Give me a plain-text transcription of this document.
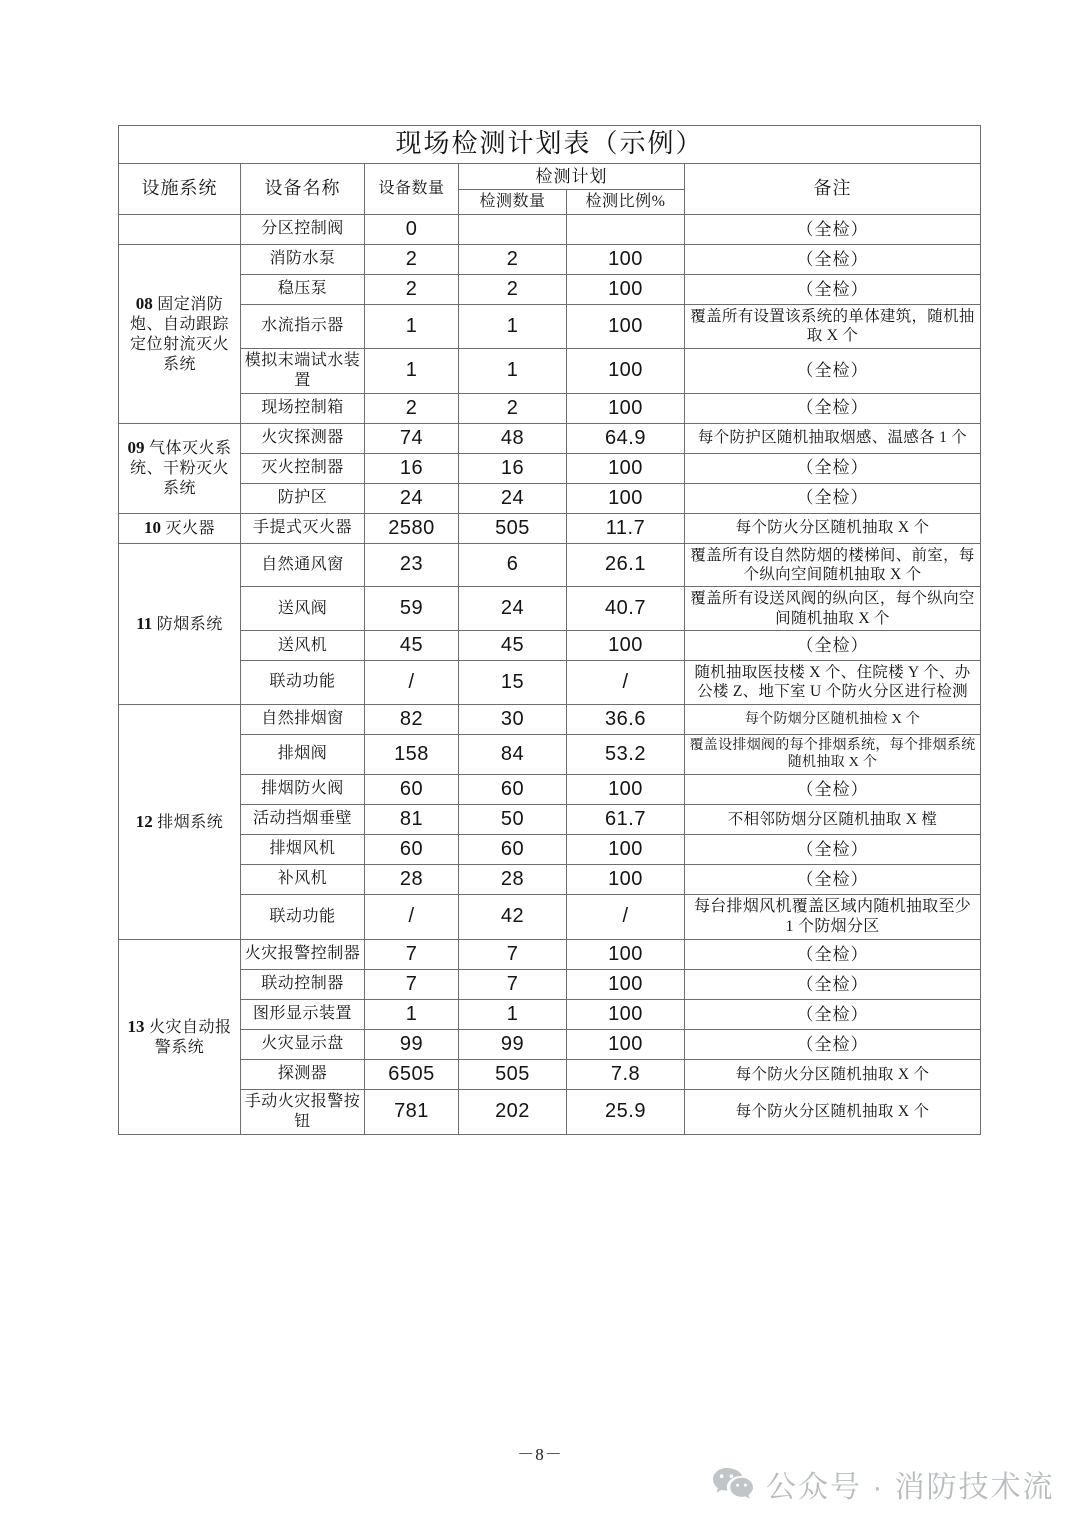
现场检测计划表（示例）					
设施系统	设备名称	设备数量	检测计划		备注
			检测数量	检测比例%	
	分区控制阀	0			（全检）
08 固定消防炮、自动跟踪定位射流灭火系统	消防水泵	2	2	100	（全检）
	稳压泵	2	2	100	（全检）
	水流指示器	1	1	100	覆盖所有设置该系统的单体建筑，随机抽取 X 个
	模拟末端试水装置	1	1	100	（全检）
	现场控制箱	2	2	100	（全检）
09 气体灭火系统、干粉灭火系统	火灾探测器	74	48	64.9	每个防护区随机抽取烟感、温感各 1 个
	灭火控制器	16	16	100	（全检）
	防护区	24	24	100	（全检）
10 灭火器	手提式灭火器	2580	505	11.7	每个防火分区随机抽取 X 个
11 防烟系统	自然通风窗	23	6	26.1	覆盖所有设自然防烟的楼梯间、前室，每个纵向空间随机抽取 X 个
	送风阀	59	24	40.7	覆盖所有设送风阀的纵向区，每个纵向空间随机抽取 X 个
	送风机	45	45	100	（全检）
	联动功能	/	15	/	随机抽取医技楼 X 个、住院楼 Y 个、办公楼 Z、地下室 U 个防火分区进行检测
12 排烟系统	自然排烟窗	82	30	36.6	每个防烟分区随机抽检 X 个
	排烟阀	158	84	53.2	覆盖设排烟阀的每个排烟系统，每个排烟系统随机抽取 X 个
	排烟防火阀	60	60	100	（全检）
	活动挡烟垂壁	81	50	61.7	不相邻防烟分区随机抽取 X 樘
	排烟风机	60	60	100	（全检）
	补风机	28	28	100	（全检）
	联动功能	/	42	/	每台排烟风机覆盖区域内随机抽取至少 1 个防烟分区
13 火灾自动报警系统	火灾报警控制器	7	7	100	（全检）
	联动控制器	7	7	100	（全检）
	图形显示装置	1	1	100	（全检）
	火灾显示盘	99	99	100	（全检）
	探测器	6505	505	7.8	每个防火分区随机抽取 X 个
	手动火灾报警按钮	781	202	25.9	每个防火分区随机抽取 X 个
－8－
公众号 · 消防技术流
